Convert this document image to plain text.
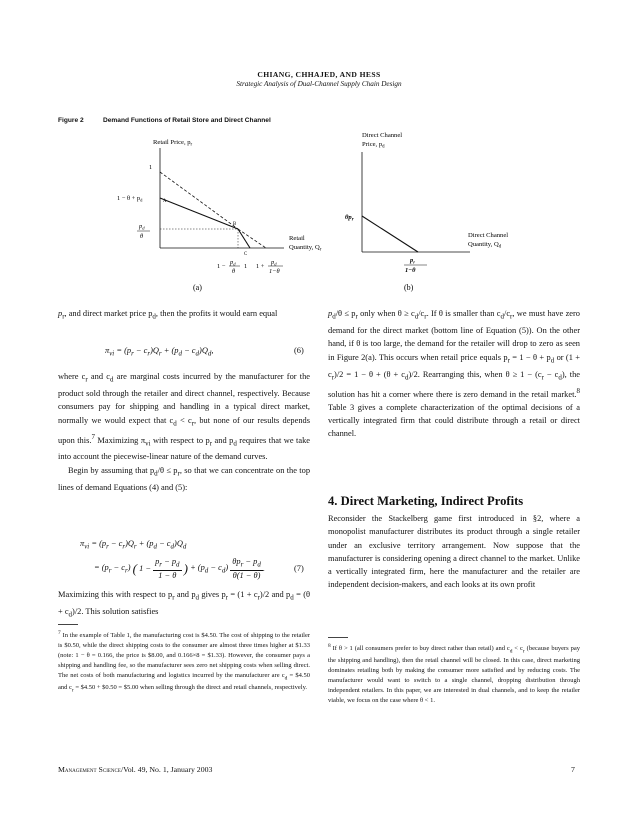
CHIANG, CHHAJED, AND HESS
Strategic Analysis of Dual-Channel Supply Chain Design
Figure 2	Demand Functions of Retail Store and Direct Channel
Retail Price, $p_r$
1
$1 - \theta + p_d$
$p_d$
θ
A
B
C
1 −
$p_d$
θ
1 1 +
$p_d$
1−θ
Retail
Quantity, $Q_r$
(a)
Direct Channel
Price, $p_d$
$\theta p_r$
$p_r$
1−θ
Direct Channel
Quantity, $Q_d$
(b)

$p_r$, and direct market price $p_d$, then the profits it would earn equal

$\pi_{vi} = (p_r - c_r)Q_r + (p_d - c_d)Q_d$,	(6)

where $c_r$ and $c_d$ are marginal costs incurred by the manufacturer for the product sold through the retailer and direct channel, respectively. Because consumers pay for shipping and handling in a typical direct market, normally we would expect that $c_d < c_r$, but none of our results depends upon this.$^7$ Maximizing $\pi_{vi}$ with respect to $p_r$ and $p_d$ requires that we take into account the piecewise-linear nature of the demand curves.

Begin by assuming that $p_d/\theta \le p_r$, so that we can concentrate on the top lines of demand Equations (4) and (5):

$\pi_{vi} = (p_r - c_r)Q_r + (p_d - c_d)Q_d$
= $(p_r - c_r)$ ( $1 - \frac{p_r - p_d}{1 - \theta}$ ) + $(p_d - c_d)$
$\theta p_r - p_d$
θ(1 − θ)
.	(7)

Maximizing this with respect to $p_r$ and $p_d$ gives $p_r = (1 + c_r)/2$ and $p_d = (\theta + c_d)/2$. This solution satisfies

$^7$ In the example of Table 1, the manufacturing cost is $4.50. The cost of shipping to the retailer is $0.50, while the direct shipping costs to the consumer are almost three times higher at $1.33 (note: 1 − θ = 0.166, the price is $8.00, and 0.166×8 = $1.33). However, the consumer pays a shipping and handling fee, so the manufacturer sees zero net shipping costs when selling direct. The net costs of both manufacturing and logistics incurred by the manufacturer are $c_d$ = $4.50 and $c_r$ = $4.50 + $0.50 = $5.00 when selling through the direct and retail channels, respectively.

$p_d/\theta \le p_r$ only when $\theta \ge c_d/c_r$. If θ is smaller than $c_d/c_r$, we must have zero demand for the direct market (bottom line of Equation (5)). On the other hand, if θ is too large, the demand for the retailer will drop to zero as seen in Figure 2(a). This occurs when retail price equals $p_r = 1 - \theta + p_d$ or $(1 + c_r)/2 = 1 - \theta + (\theta + c_d)/2$. Rearranging this, when $\theta \ge 1 - (c_r - c_d)$, the solution has hit a corner where there is zero demand in the retail market.$^8$ Table 3 gives a complete characterization of the optimal decisions of a vertically integrated firm that could distribute through a retail or direct channel.

4. Direct Marketing, Indirect Profits

Reconsider the Stackelberg game first introduced in §2, where a monopolist manufacturer distributes its product through a single retailer under an exclusive territory arrangement. Now suppose that the manufacturer is considering opening a direct channel to the market. Unlike a vertically integrated firm, here the manufacturer and the retailer are independent decision-makers, and each looks at its own profit

$^8$ If θ > 1 (all consumers prefer to buy direct rather than retail) and $c_d < c_r$ (because buyers pay the shipping and handling), then the retail channel will be closed. In this case, direct marketing dominates retailing both by making the consumer more satisfied and by reducing costs. The manufacturer would want to switch to a single channel, dropping distribution through independent retailers. In this paper, we are interested in dual channels, and to keep the retailer viable, we focus on the case where θ < 1.

Management Science/Vol. 49, No. 1, January 2003	7
